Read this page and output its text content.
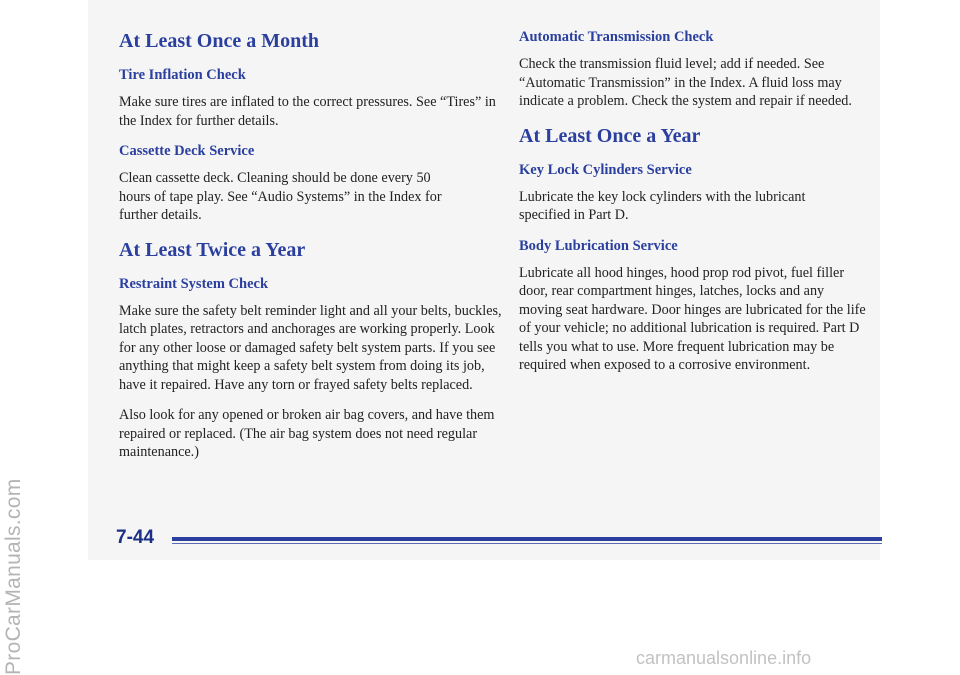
At Least Once a Month
Tire Inflation Check

Make sure tires are inflated to the correct pressures. See “Tires” in the Index for further details.

Cassette Deck Service

Clean cassette deck. Cleaning should be done every 50 hours of tape play. See “Audio Systems” in the Index for further details.

At Least Twice a Year
Restraint System Check

Make sure the safety belt reminder light and all your belts, buckles, latch plates, retractors and anchorages are working properly. Look for any other loose or damaged safety belt system parts. If you see anything that might keep a safety belt system from doing its job, have it repaired. Have any torn or frayed safety belts replaced.

Also look for any opened or broken air bag covers, and have them repaired or replaced. (The air bag system does not need regular maintenance.)

Automatic Transmission Check

Check the transmission fluid level; add if needed. See “Automatic Transmission” in the Index. A fluid loss may indicate a problem. Check the system and repair if needed.

At Least Once a Year
Key Lock Cylinders Service

Lubricate the key lock cylinders with the lubricant specified in Part D.

Body Lubrication Service

Lubricate all hood hinges, hood prop rod pivot, fuel filler door, rear compartment hinges, latches, locks and any moving seat hardware. Door hinges are lubricated for the life of your vehicle; no additional lubrication is required. Part D tells you what to use. More frequent lubrication may be required when exposed to a corrosive environment.

7-44
ProCarManuals.com	carmanualsonline.info
